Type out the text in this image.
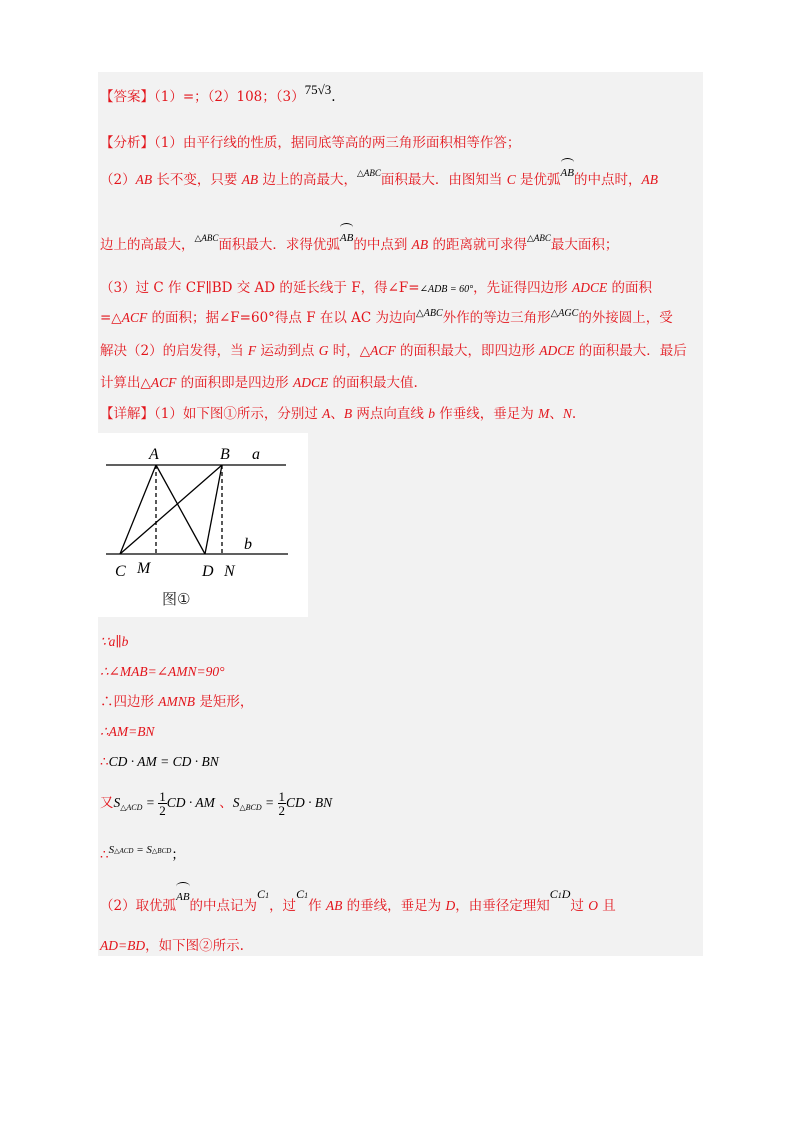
【答案】（1）=；（2）108；（3）75√3.
【分析】（1）由平行线的性质，据同底等高的两三角形面积相等作答；
（2）AB 长不变，只要 AB 边上的高最大，$^{\triangle ABC}$面积最大．由图知当 C 是优弧AB的中点时，AB
边上的高最大，$^{\triangle ABC}$面积最大．求得优弧AB的中点到 AB 的距离就可求得$^{\triangle ABC}$最大面积；
（3）过 C 作 CF∥BD 交 AD 的延长线于 F，得∠F=∠ADB = 60°，先证得四边形 ADCE 的面积
=△ACF 的面积；据∠F=60°得点 F 在以 AC 为边向$^{\triangle ABC}$外作的等边三角形$^{\triangle AGC}$的外接圆上，受
解决（2）的启发得，当 F 运动到点 G 时，△ACF 的面积最大，即四边形 ADCE 的面积最大．最后
计算出△ACF 的面积即是四边形 ADCE 的面积最大值.
【详解】（1）如下图①所示，分别过 A、B 两点向直线 b 作垂线，垂足为 M、N.
A	B a
b
C M	D N
图①
∵a∥b
∴∠MAB=∠AMN=90°
∴四边形 AMNB 是矩形，
∴AM=BN
∴CD · AM = CD · BN
又$S_{\triangle ACD} = \frac{1}{2}$ CD · AM 、$S_{\triangle BCD} = \frac{1}{2}$ CD · BN
∴S△ACD = S△BCD；
（2）取优弧AB的中点记为C1，过C1作 AB 的垂线，垂足为 D，由垂径定理知C1D过 O 且
AD=BD，如下图②所示.
